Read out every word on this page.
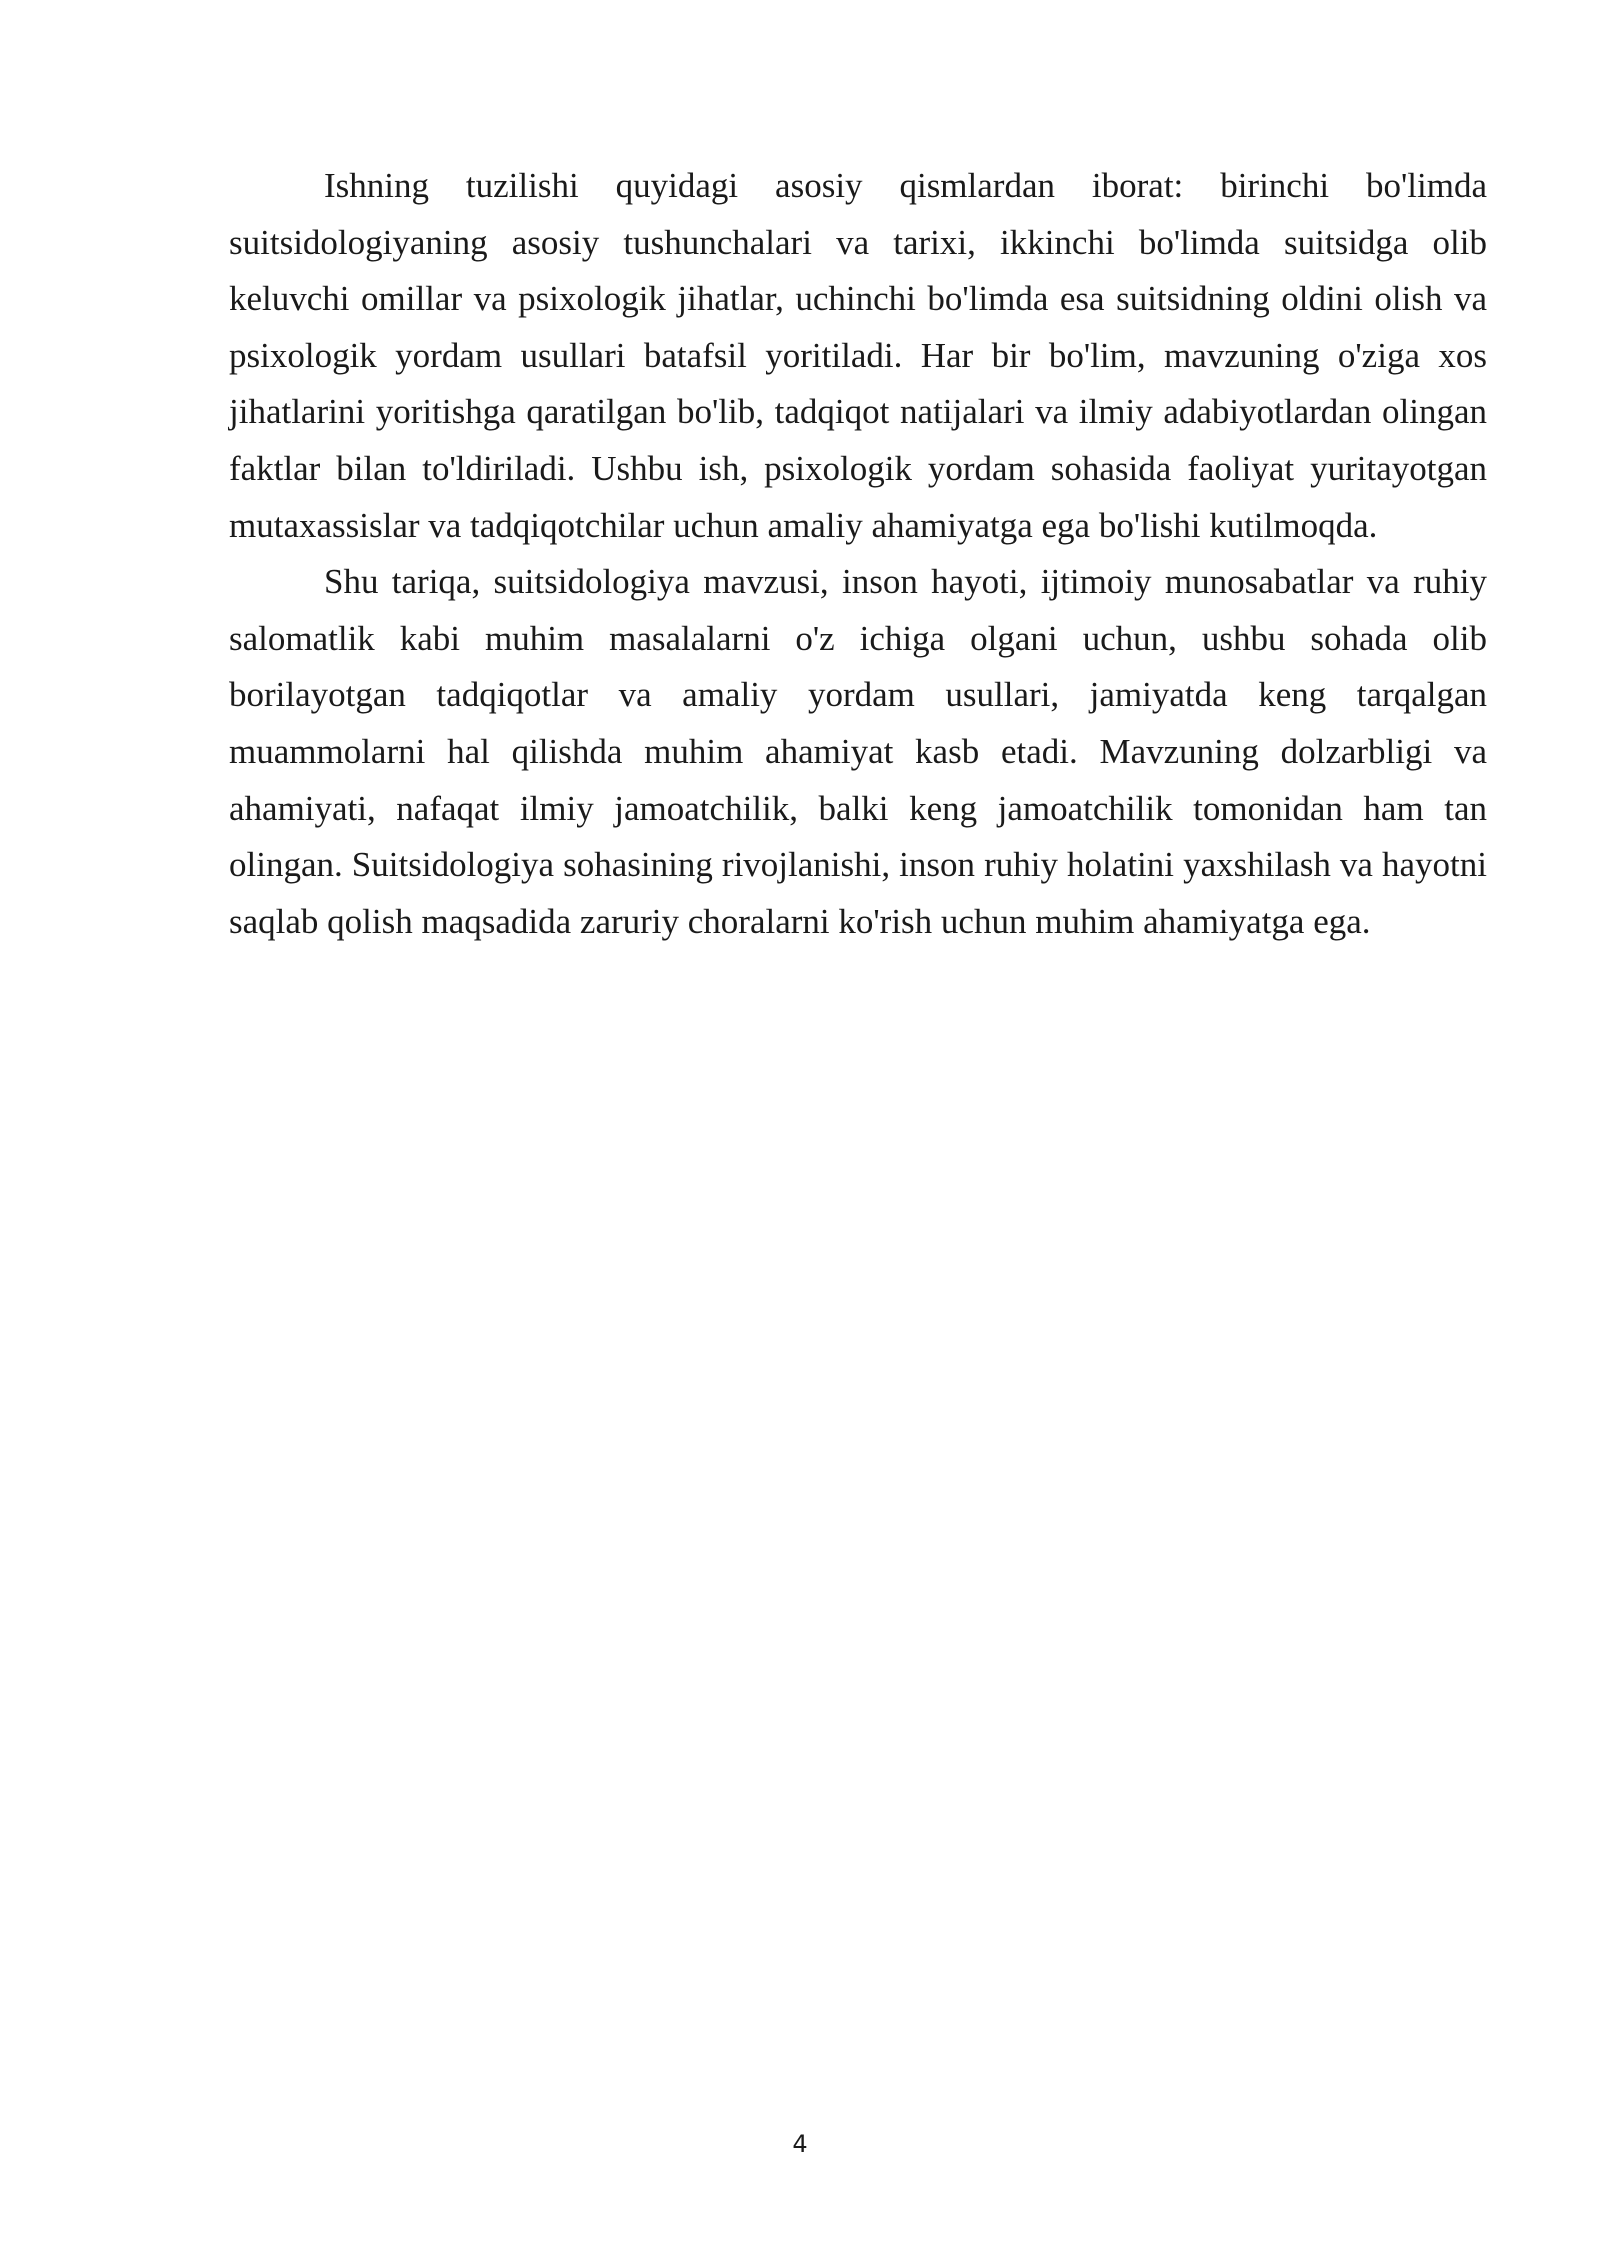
Ishning tuzilishi quyidagi asosiy qismlardan iborat: birinchi bo'limda suitsidologiyaning asosiy tushunchalari va tarixi, ikkinchi bo'limda suitsidga olib keluvchi omillar va psixologik jihatlar, uchinchi bo'limda esa suitsidning oldini olish va psixologik yordam usullari batafsil yoritiladi. Har bir bo'lim, mavzuning o'ziga xos jihatlarini yoritishga qaratilgan bo'lib, tadqiqot natijalari va ilmiy adabiyotlardan olingan faktlar bilan to'ldiriladi. Ushbu ish, psixologik yordam sohasida faoliyat yuritayotgan mutaxassislar va tadqiqotchilar uchun amaliy ahamiyatga ega bo'lishi kutilmoqda.

Shu tariqa, suitsidologiya mavzusi, inson hayoti, ijtimoiy munosabatlar va ruhiy salomatlik kabi muhim masalalarni o'z ichiga olgani uchun, ushbu sohada olib borilayotgan tadqiqotlar va amaliy yordam usullari, jamiyatda keng tarqalgan muammolarni hal qilishda muhim ahamiyat kasb etadi. Mavzuning dolzarbligi va ahamiyati, nafaqat ilmiy jamoatchilik, balki keng jamoatchilik tomonidan ham tan olingan. Suitsidologiya sohasining rivojlanishi, inson ruhiy holatini yaxshilash va hayotni saqlab qolish maqsadida zaruriy choralarni ko'rish uchun muhim ahamiyatga ega.

4
